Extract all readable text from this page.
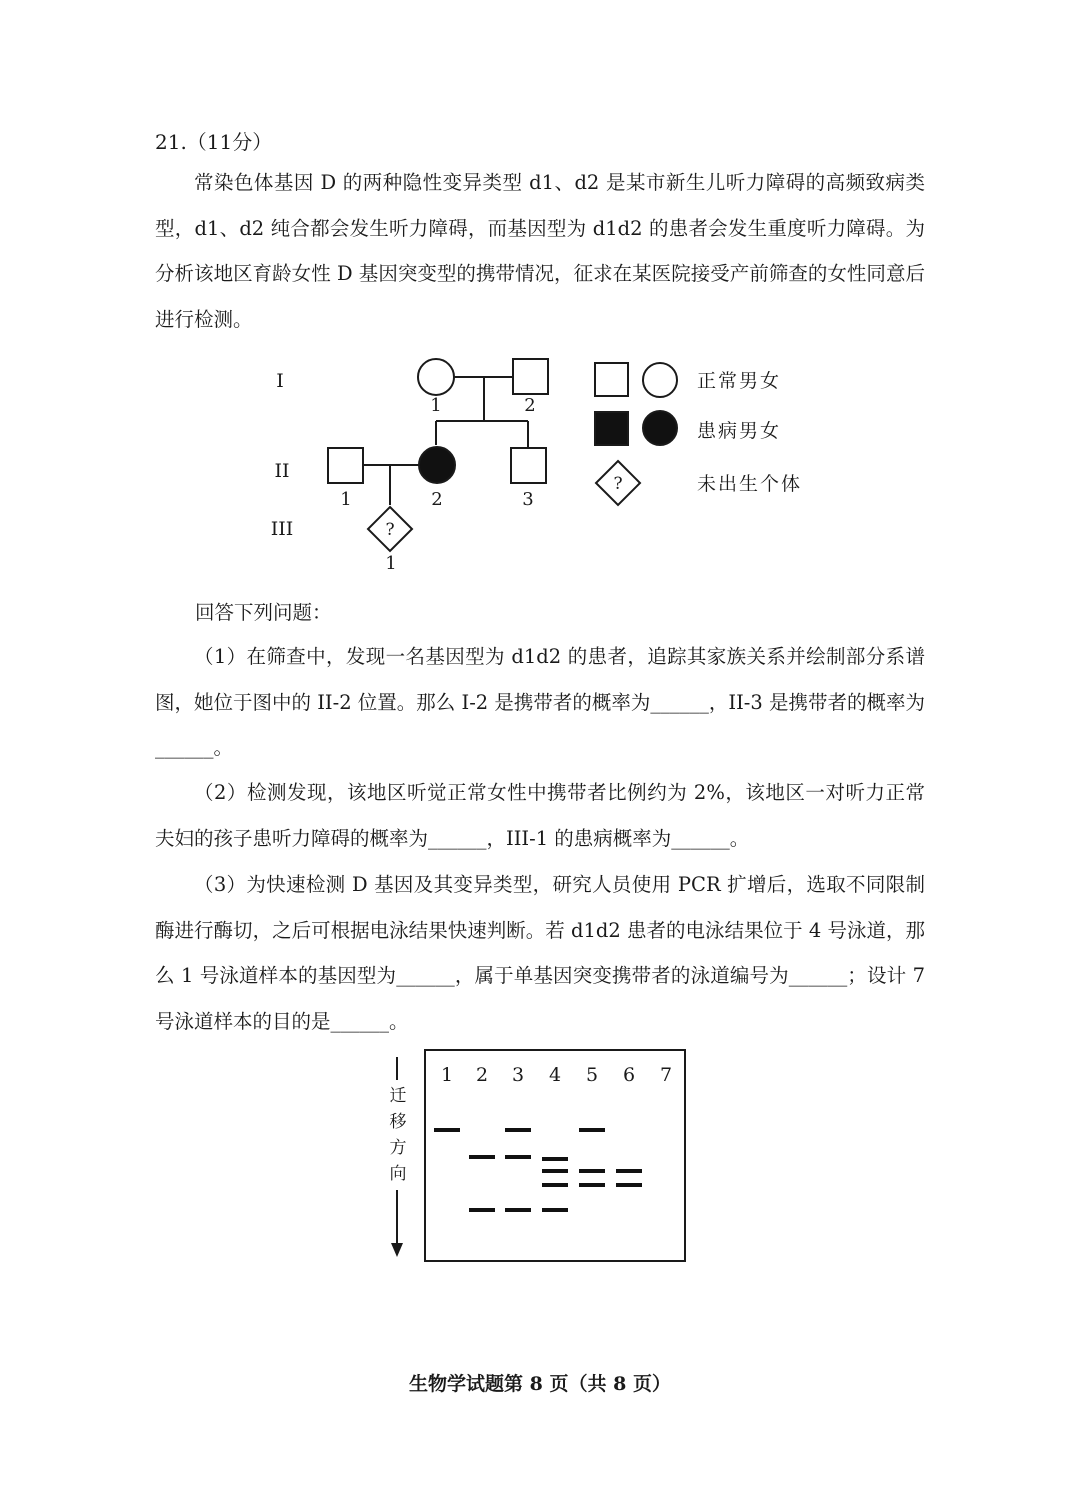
21.（11分）
常染色体基因 D 的两种隐性变异类型 d1、d2 是某市新生儿听力障碍的高频致病类型，d1、d2 纯合都会发生听力障碍，而基因型为 d1d2 的患者会发生重度听力障碍。为分析该地区育龄女性 D 基因突变型的携带情况，征求在某医院接受产前筛查的女性同意后进行检测。
I
II
III
1	2
1	2	3
?
1
?
正常男女
患病男女
未出生个体
回答下列问题：
（1）在筛查中，发现一名基因型为 d1d2 的患者，追踪其家族关系并绘制部分系谱图，她位于图中的 II-2 位置。那么 I-2 是携带者的概率为______，II-3 是携带者的概率为______。
（2）检测发现，该地区听觉正常女性中携带者比例约为 2%，该地区一对听力正常夫妇的孩子患听力障碍的概率为______，III-1 的患病概率为______。
（3）为快速检测 D 基因及其变异类型，研究人员使用 PCR 扩增后，选取不同限制酶进行酶切，之后可根据电泳结果快速判断。若 d1d2 患者的电泳结果位于 4 号泳道，那么 1 号泳道样本的基因型为______，属于单基因突变携带者的泳道编号为______；设计 7 号泳道样本的目的是______。
迁
移
方
向
1 2 3 4 5 6 7
生物学试题第 8 页（共 8 页）
